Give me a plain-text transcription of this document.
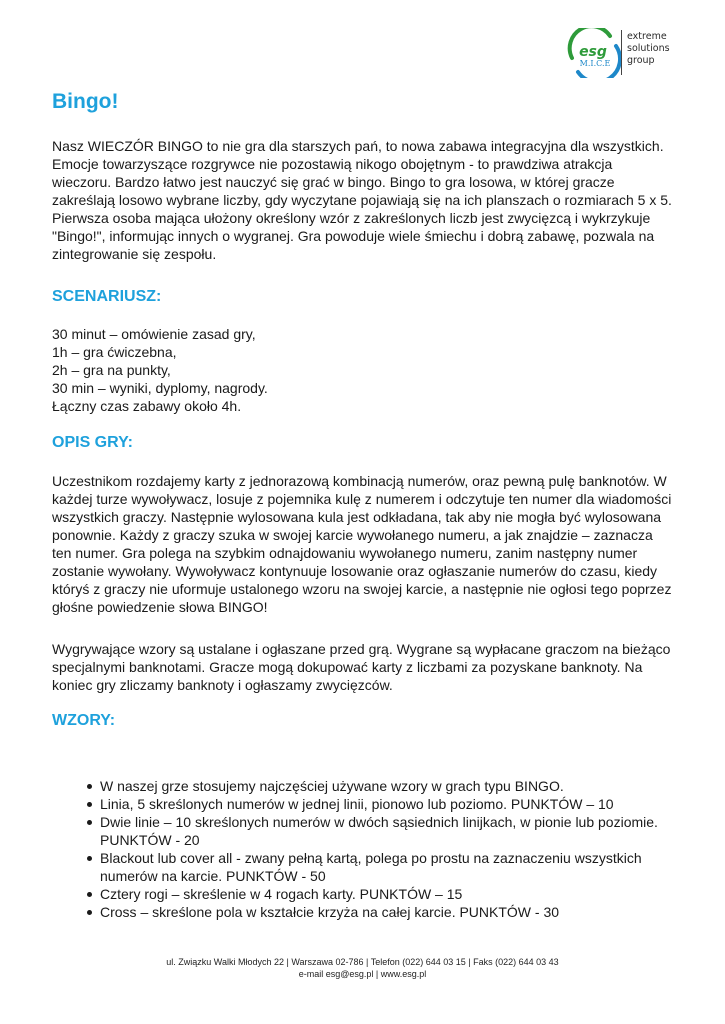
esg
M.I.C.E
extreme
solutions
group
Bingo!

Nasz WIECZÓR BINGO to nie gra dla starszych pań, to nowa zabawa integracyjna dla wszystkich. Emocje towarzyszące rozgrywce nie pozostawią nikogo obojętnym - to prawdziwa atrakcja wieczoru. Bardzo łatwo jest nauczyć się grać w bingo. Bingo to gra losowa, w której gracze zakreślają losowo wybrane liczby, gdy wyczytane pojawiają się na ich planszach o rozmiarach 5 x 5. Pierwsza osoba mająca ułożony określony wzór z zakreślonych liczb jest zwycięzcą i wykrzykuje "Bingo!", informując innych o wygranej. Gra powoduje wiele śmiechu i dobrą zabawę, pozwala na zintegrowanie się zespołu.

SCENARIUSZ:
30 minut – omówienie zasad gry,
1h – gra ćwiczebna,
2h – gra na punkty,
30 min – wyniki, dyplomy, nagrody.
Łączny czas zabawy około 4h.
OPIS GRY:

Uczestnikom rozdajemy karty z jednorazową kombinacją numerów, oraz pewną pulę banknotów. W każdej turze wywoływacz, losuje z pojemnika kulę z numerem i odczytuje ten numer dla wiadomości wszystkich graczy. Następnie wylosowana kula jest odkładana, tak aby nie mogła być wylosowana ponownie. Każdy z graczy szuka w swojej karcie wywołanego numeru, a jak znajdzie – zaznacza ten numer. Gra polega na szybkim odnajdowaniu wywołanego numeru, zanim następny numer zostanie wywołany. Wywoływacz kontynuuje losowanie oraz ogłaszanie numerów do czasu, kiedy któryś z graczy nie uformuje ustalonego wzoru na swojej karcie, a następnie nie ogłosi tego poprzez głośne powiedzenie słowa BINGO!

Wygrywające wzory są ustalane i ogłaszane przed grą. Wygrane są wypłacane graczom na bieżąco specjalnymi banknotami. Gracze mogą dokupować karty z liczbami za pozyskane banknoty. Na koniec gry zliczamy banknoty i ogłaszamy zwycięzców.

WZORY:
W naszej grze stosujemy najczęściej używane wzory w grach typu BINGO.
Linia, 5 skreślonych numerów w jednej linii, pionowo lub poziomo. PUNKTÓW – 10
Dwie linie – 10 skreślonych numerów w dwóch sąsiednich linijkach, w pionie lub poziomie. PUNKTÓW - 20
Blackout lub cover all - zwany pełną kartą, polega po prostu na zaznaczeniu wszystkich numerów na karcie. PUNKTÓW - 50
Cztery rogi – skreślenie w 4 rogach karty. PUNKTÓW – 15
Cross – skreślone pola w kształcie krzyża na całej karcie. PUNKTÓW - 30
ul. Związku Walki Młodych 22 | Warszawa 02-786 | Telefon (022) 644 03 15 | Faks (022) 644 03 43
e-mail esg@esg.pl | www.esg.pl
